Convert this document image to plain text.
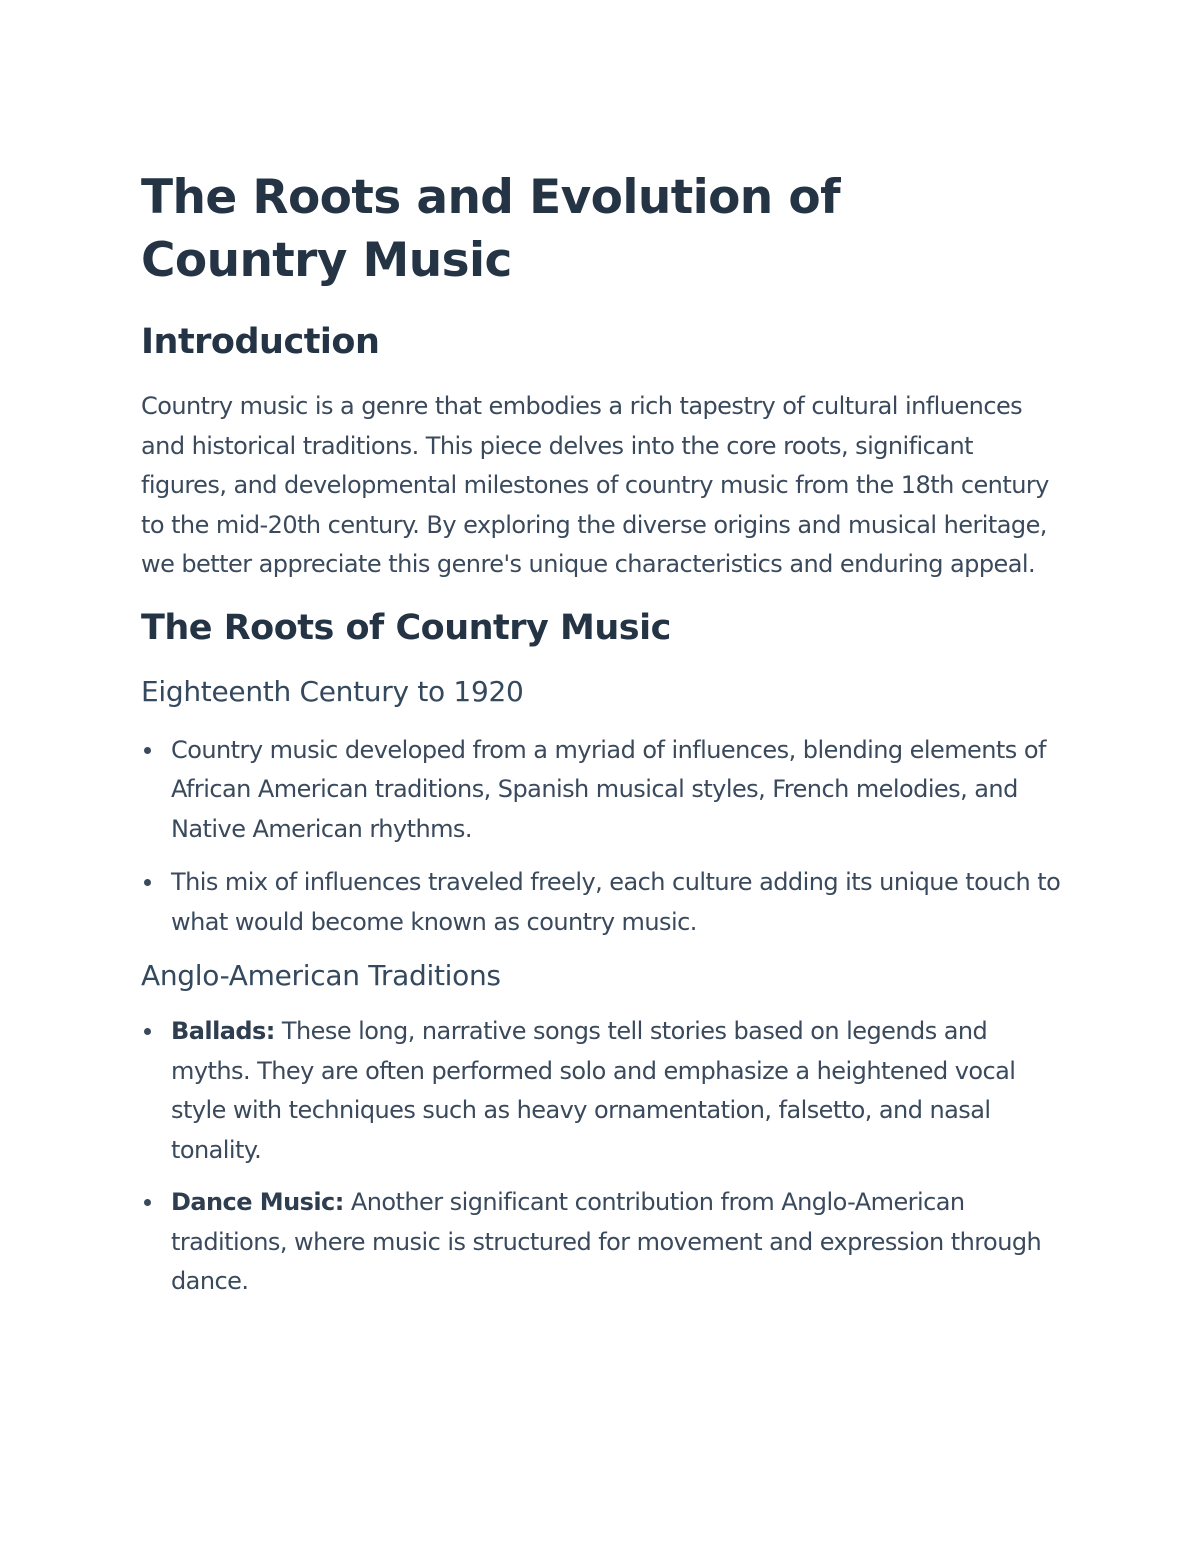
The Roots and Evolution of Country Music
Introduction

Country music is a genre that embodies a rich tapestry of cultural influences and historical traditions. This piece delves into the core roots, significant figures, and developmental milestones of country music from the 18th century to the mid-20th century. By exploring the diverse origins and musical heritage, we better appreciate this genre's unique characteristics and enduring appeal.

The Roots of Country Music
Eighteenth Century to 1920
Country music developed from a myriad of influences, blending elements of African American traditions, Spanish musical styles, French melodies, and Native American rhythms.
This mix of influences traveled freely, each culture adding its unique touch to what would become known as country music.
Anglo-American Traditions
Ballads: These long, narrative songs tell stories based on legends and myths. They are often performed solo and emphasize a heightened vocal style with techniques such as heavy ornamentation, falsetto, and nasal tonality.
Dance Music: Another significant contribution from Anglo-American traditions, where music is structured for movement and expression through dance.
